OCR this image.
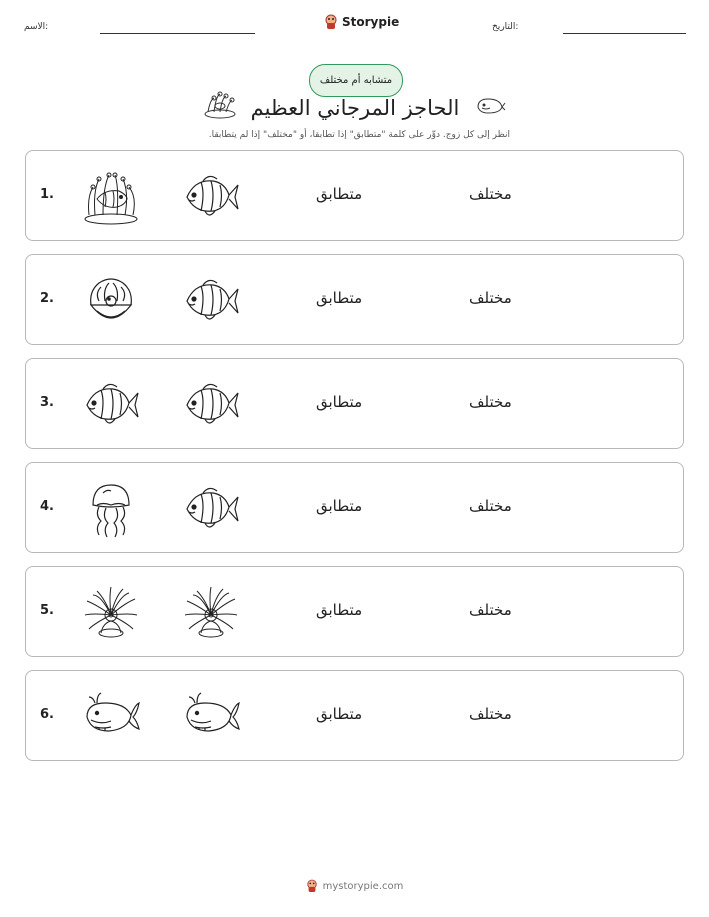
الاسم:	Storypie	التاريخ:
متشابه أم مختلف
الحاجز المرجاني العظيم
انظر إلى كل زوج. دوِّر على كلمة "متطابق" إذا تطابقا، أو "مختلف" إذا لم يتطابقا.
1.	متطابق	مختلف
2.	متطابق	مختلف
3.	متطابق	مختلف
4.	متطابق	مختلف
5.	متطابق	مختلف
6.	متطابق	مختلف
mystorypie.com
